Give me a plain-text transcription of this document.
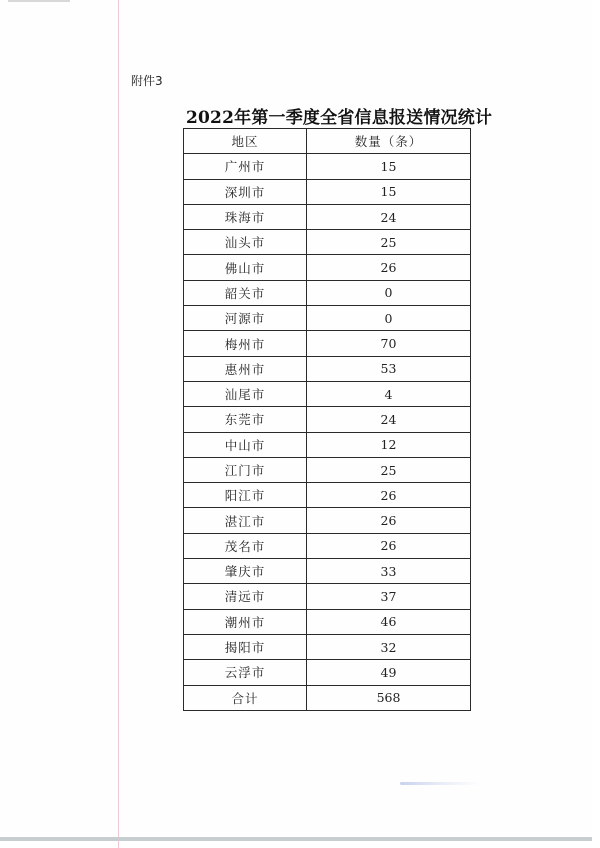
附件3
2022年第一季度全省信息报送情况统计
地区	数量（条）
广州市	15
深圳市	15
珠海市	24
汕头市	25
佛山市	26
韶关市	0
河源市	0
梅州市	70
惠州市	53
汕尾市	4
东莞市	24
中山市	12
江门市	25
阳江市	26
湛江市	26
茂名市	26
肇庆市	33
清远市	37
潮州市	46
揭阳市	32
云浮市	49
合计	568
